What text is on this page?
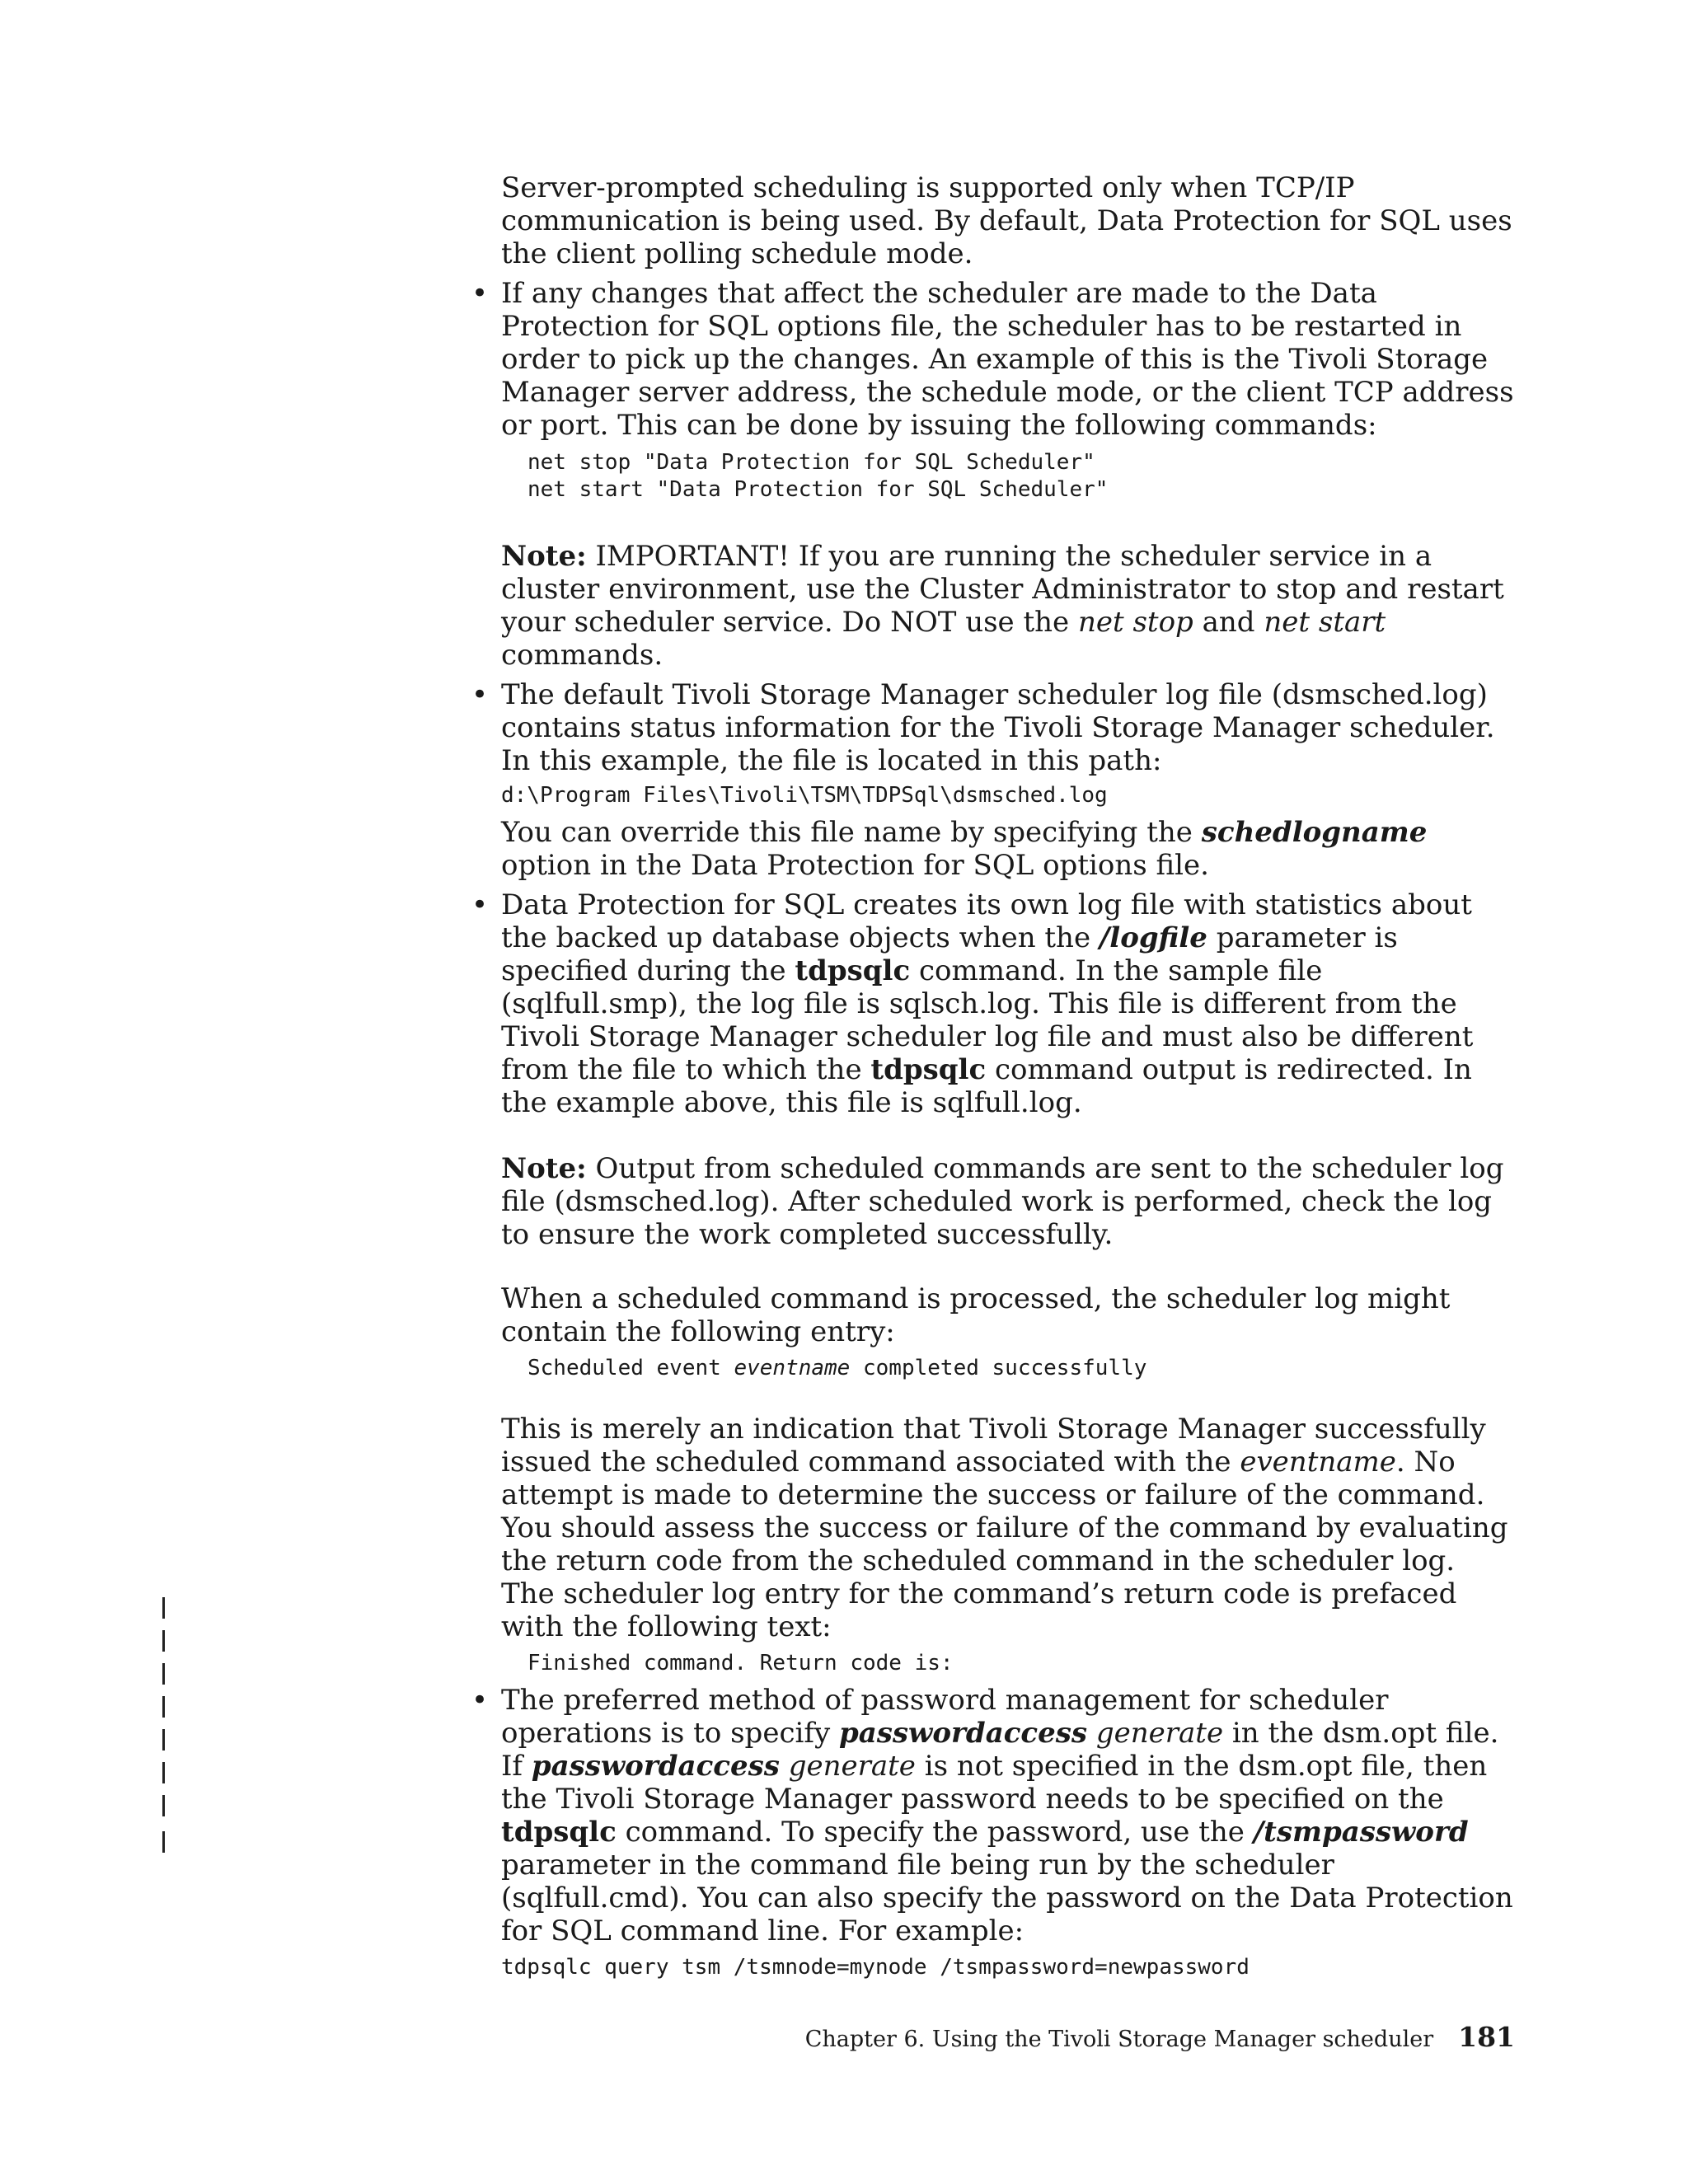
Server-prompted scheduling is supported only when TCP/IP communication is being used. By default, Data Protection for SQL uses the client polling schedule mode.

• If any changes that affect the scheduler are made to the Data Protection for SQL options file, the scheduler has to be restarted in order to pick up the changes. An example of this is the Tivoli Storage Manager server address, the schedule mode, or the client TCP address or port. This can be done by issuing the following commands:

net stop "Data Protection for SQL Scheduler"
net start "Data Protection for SQL Scheduler"

Note: IMPORTANT! If you are running the scheduler service in a cluster environment, use the Cluster Administrator to stop and restart your scheduler service. Do NOT use the net stop and net start commands.

• The default Tivoli Storage Manager scheduler log file (dsmsched.log) contains status information for the Tivoli Storage Manager scheduler. In this example, the file is located in this path:

d:\Program Files\Tivoli\TSM\TDPSql\dsmsched.log

You can override this file name by specifying the schedlogname option in the Data Protection for SQL options file.

• Data Protection for SQL creates its own log file with statistics about the backed up database objects when the /logfile parameter is specified during the tdpsqlc command. In the sample file (sqlfull.smp), the log file is sqlsch.log. This file is different from the Tivoli Storage Manager scheduler log file and must also be different from the file to which the tdpsqlc command output is redirected. In the example above, this file is sqlfull.log.

Note: Output from scheduled commands are sent to the scheduler log file (dsmsched.log). After scheduled work is performed, check the log to ensure the work completed successfully.

When a scheduled command is processed, the scheduler log might contain the following entry:

Scheduled event eventname completed successfully

This is merely an indication that Tivoli Storage Manager successfully issued the scheduled command associated with the eventname. No attempt is made to determine the success or failure of the command. You should assess the success or failure of the command by evaluating the return code from the scheduled command in the scheduler log. The scheduler log entry for the command’s return code is prefaced with the following text:

Finished command. Return code is:
• The preferred method of password management for scheduler operations is to specify passwordaccess generate in the dsm.opt file. If passwordaccess generate is not specified in the dsm.opt file, then the Tivoli Storage Manager password needs to be specified on the tdpsqlc command. To specify the password, use the /tsmpassword parameter in the command file being run by the scheduler (sqlfull.cmd). You can also specify the password on the Data Protection for SQL command line. For example:

tdpsqlc query tsm /tsmnode=mynode /tsmpassword=newpassword
Chapter 6. Using the Tivoli Storage Manager scheduler 181
